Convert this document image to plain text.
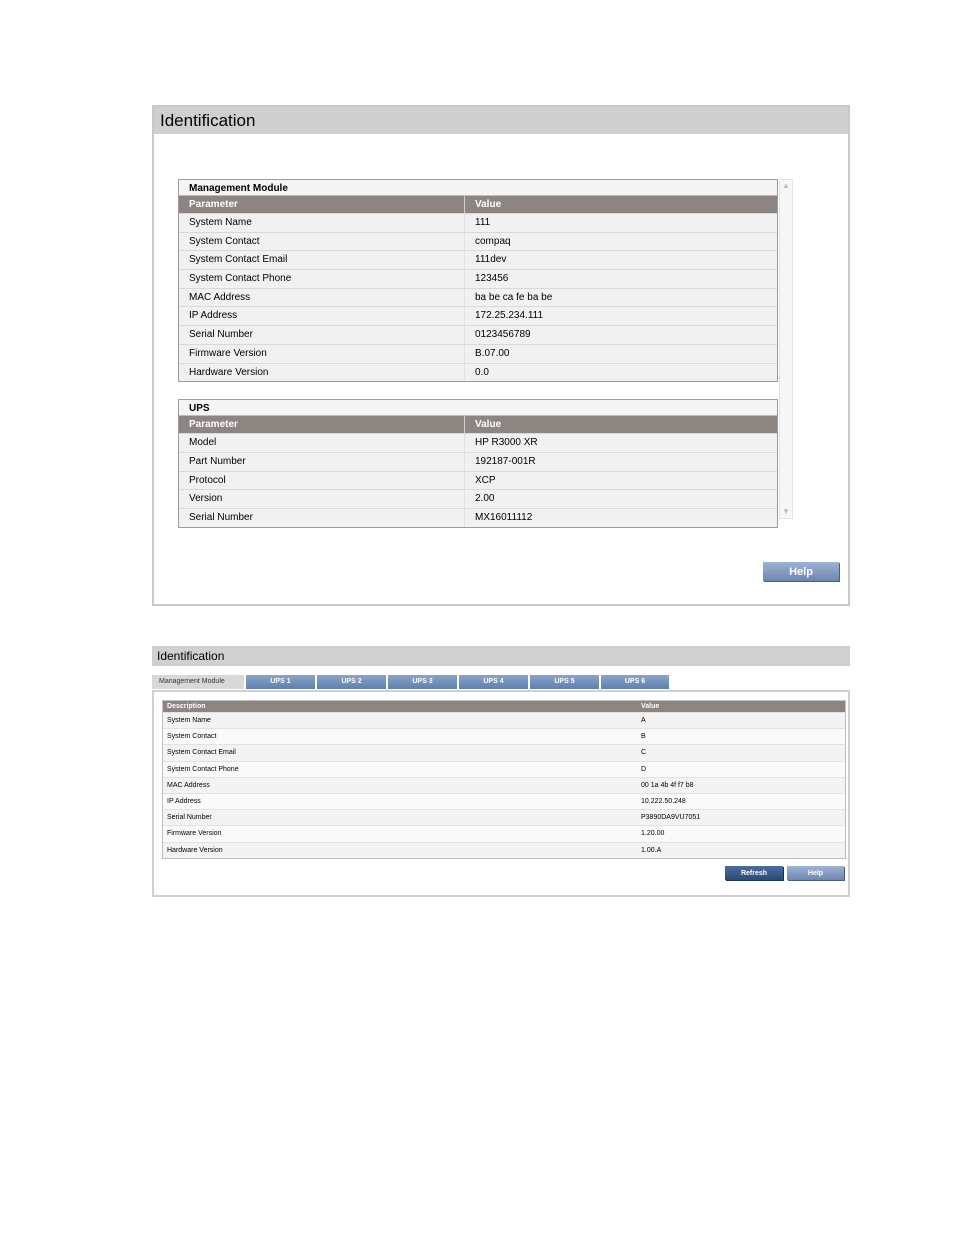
Identification
Management Module
Parameter	Value
System Name	111
System Contact	compaq
System Contact Email	111dev
System Contact Phone	123456
MAC Address	ba be ca fe ba be
IP Address	172.25.234.111
Serial Number	0123456789
Firmware Version	B.07.00
Hardware Version	0.0
UPS
Parameter	Value
Model	HP R3000 XR
Part Number	192187-001R
Protocol	XCP
Version	2.00
Serial Number	MX16011112
▲
▼
Help
Identification
Management Module	UPS 1	UPS 2	UPS 3	UPS 4	UPS 5	UPS 6
Description	Value
System Name	A
System Contact	B
System Contact Email	C
System Contact Phone	D
MAC Address	00 1a 4b 4f f7 b8
IP Address	10.222.50.248
Serial Number	P3890DA9VU7051
Firmware Version	1.20.00
Hardware Version	1.00.A
Refresh	Help
